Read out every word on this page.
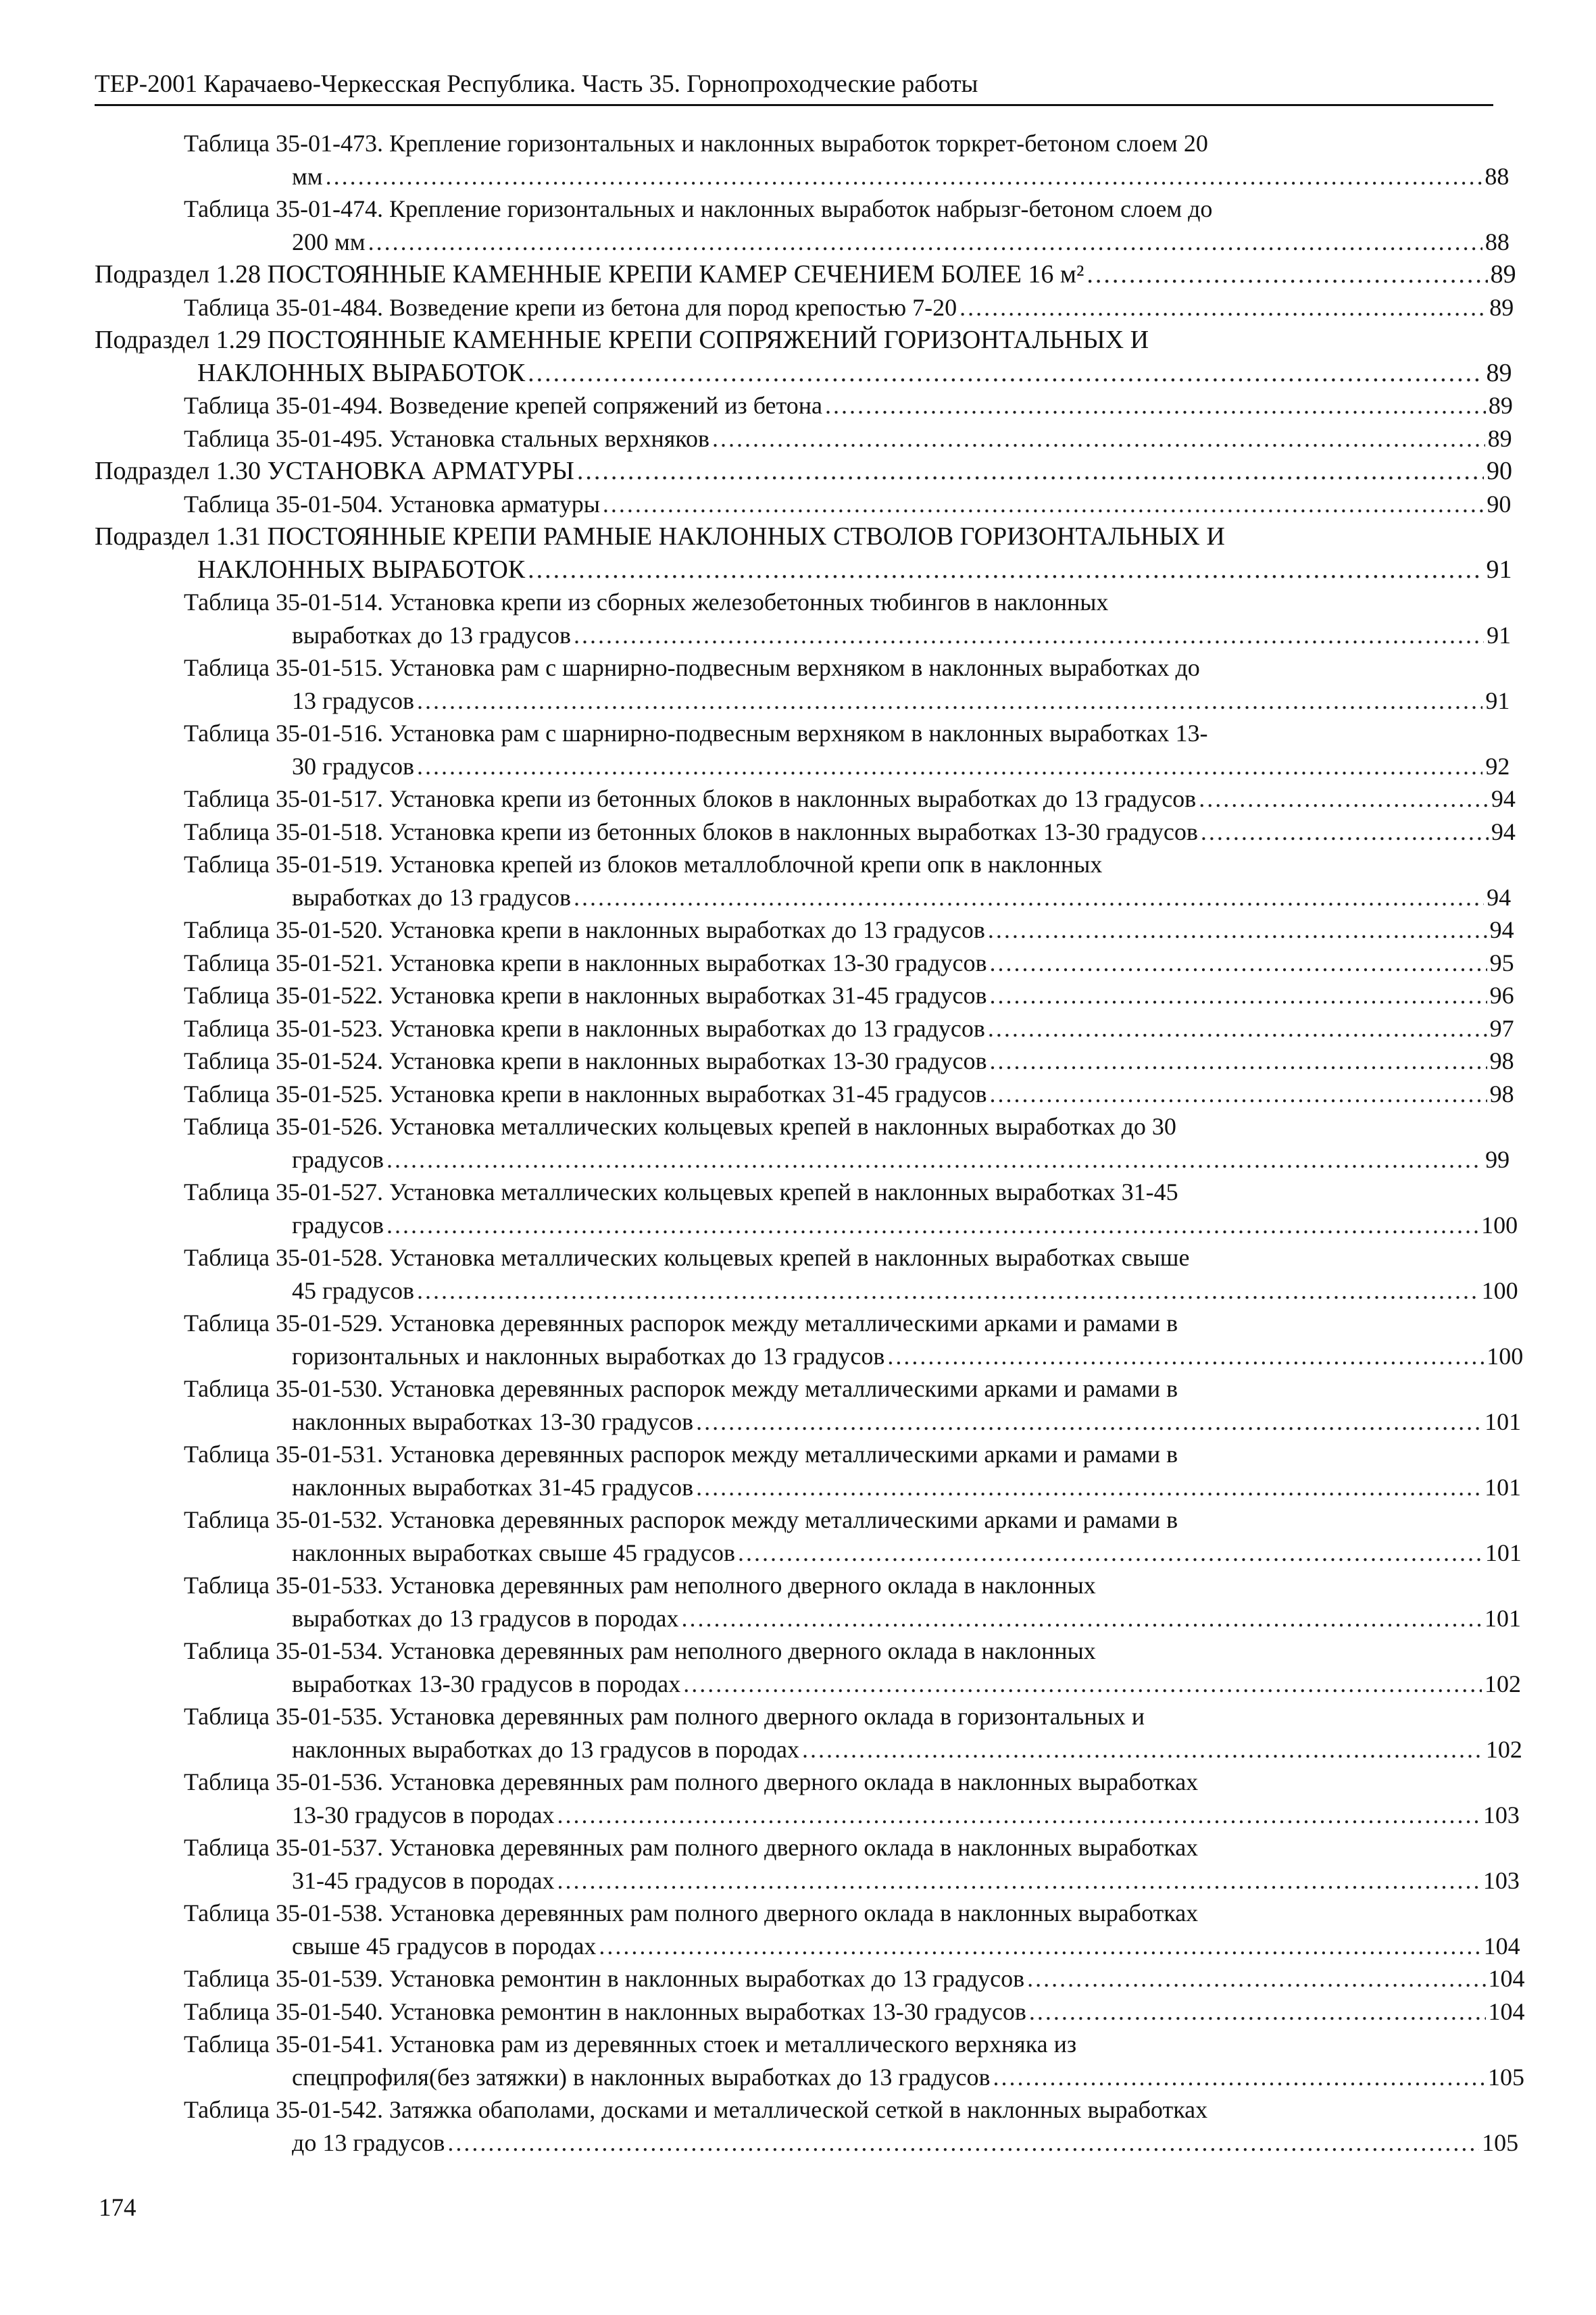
ТЕР-2001 Карачаево-Черкесская Республика. Часть 35. Горнопроходческие работы
Таблица 35-01-473. Крепление горизонтальных и наклонных выработок торкрет-бетоном слоем 20
мм .....	88
Таблица 35-01-474. Крепление горизонтальных и наклонных выработок набрызг-бетоном слоем до
200 мм .....	88
Подраздел 1.28 ПОСТОЯННЫЕ КАМЕННЫЕ КРЕПИ КАМЕР СЕЧЕНИЕМ БОЛЕЕ 16 м² .....	89
Таблица 35-01-484. Возведение крепи из бетона для пород крепостью 7-20 .....	89
Подраздел 1.29 ПОСТОЯННЫЕ КАМЕННЫЕ КРЕПИ СОПРЯЖЕНИЙ ГОРИЗОНТАЛЬНЫХ И
НАКЛОННЫХ ВЫРАБОТОК .....	89
Таблица 35-01-494. Возведение крепей сопряжений из бетона .....	89
Таблица 35-01-495. Установка стальных верхняков .....	89
Подраздел 1.30 УСТАНОВКА АРМАТУРЫ .....	90
Таблица 35-01-504. Установка арматуры .....	90
Подраздел 1.31 ПОСТОЯННЫЕ КРЕПИ РАМНЫЕ НАКЛОННЫХ СТВОЛОВ ГОРИЗОНТАЛЬНЫХ И
НАКЛОННЫХ ВЫРАБОТОК .....	91
Таблица 35-01-514. Установка крепи из сборных железобетонных тюбингов в наклонных
выработках до 13 градусов .....	91
Таблица 35-01-515. Установка рам с шарнирно-подвесным верхняком в наклонных выработках до
13 градусов .....	91
Таблица 35-01-516. Установка рам с шарнирно-подвесным верхняком в наклонных выработках 13-
30 градусов .....	92
Таблица 35-01-517. Установка крепи из бетонных блоков в наклонных выработках до 13 градусов .....	94
Таблица 35-01-518. Установка крепи из бетонных блоков в наклонных выработках 13-30 градусов .....	94
Таблица 35-01-519. Установка крепей из блоков металлоблочной крепи опк в наклонных
выработках до 13 градусов .....	94
Таблица 35-01-520. Установка крепи в наклонных выработках до 13 градусов .....	94
Таблица 35-01-521. Установка крепи в наклонных выработках 13-30 градусов .....	95
Таблица 35-01-522. Установка крепи в наклонных выработках 31-45 градусов .....	96
Таблица 35-01-523. Установка крепи в наклонных выработках до 13 градусов .....	97
Таблица 35-01-524. Установка крепи в наклонных выработках 13-30 градусов .....	98
Таблица 35-01-525. Установка крепи в наклонных выработках 31-45 градусов .....	98
Таблица 35-01-526. Установка металлических кольцевых крепей в наклонных выработках до 30
градусов .....	99
Таблица 35-01-527. Установка металлических кольцевых крепей в наклонных выработках 31-45
градусов .....	100
Таблица 35-01-528. Установка металлических кольцевых крепей в наклонных выработках свыше
45 градусов .....	100
Таблица 35-01-529. Установка деревянных распорок между металлическими арками и рамами в
горизонтальных и наклонных выработках до 13 градусов .....	100
Таблица 35-01-530. Установка деревянных распорок между металлическими арками и рамами в
наклонных выработках 13-30 градусов .....	101
Таблица 35-01-531. Установка деревянных распорок между металлическими арками и рамами в
наклонных выработках 31-45 градусов .....	101
Таблица 35-01-532. Установка деревянных распорок между металлическими арками и рамами в
наклонных выработках свыше 45 градусов .....	101
Таблица 35-01-533. Установка деревянных рам неполного дверного оклада в наклонных
выработках до 13 градусов в породах .....	101
Таблица 35-01-534. Установка деревянных рам неполного дверного оклада в наклонных
выработках 13-30 градусов в породах .....	102
Таблица 35-01-535. Установка деревянных рам полного дверного оклада в горизонтальных и
наклонных выработках до 13 градусов в породах .....	102
Таблица 35-01-536. Установка деревянных рам полного дверного оклада в наклонных выработках
13-30 градусов в породах .....	103
Таблица 35-01-537. Установка деревянных рам полного дверного оклада в наклонных выработках
31-45 градусов в породах .....	103
Таблица 35-01-538. Установка деревянных рам полного дверного оклада в наклонных выработках
свыше 45 градусов в породах .....	104
Таблица 35-01-539. Установка ремонтин в наклонных выработках до 13 градусов .....	104
Таблица 35-01-540. Установка ремонтин в наклонных выработках 13-30 градусов .....	104
Таблица 35-01-541. Установка рам из деревянных стоек и металлического верхняка из
спецпрофиля(без затяжки) в наклонных выработках до 13 градусов .....	105
Таблица 35-01-542. Затяжка обаполами, досками и металлической сеткой в наклонных выработках
до 13 градусов .....	105
174
